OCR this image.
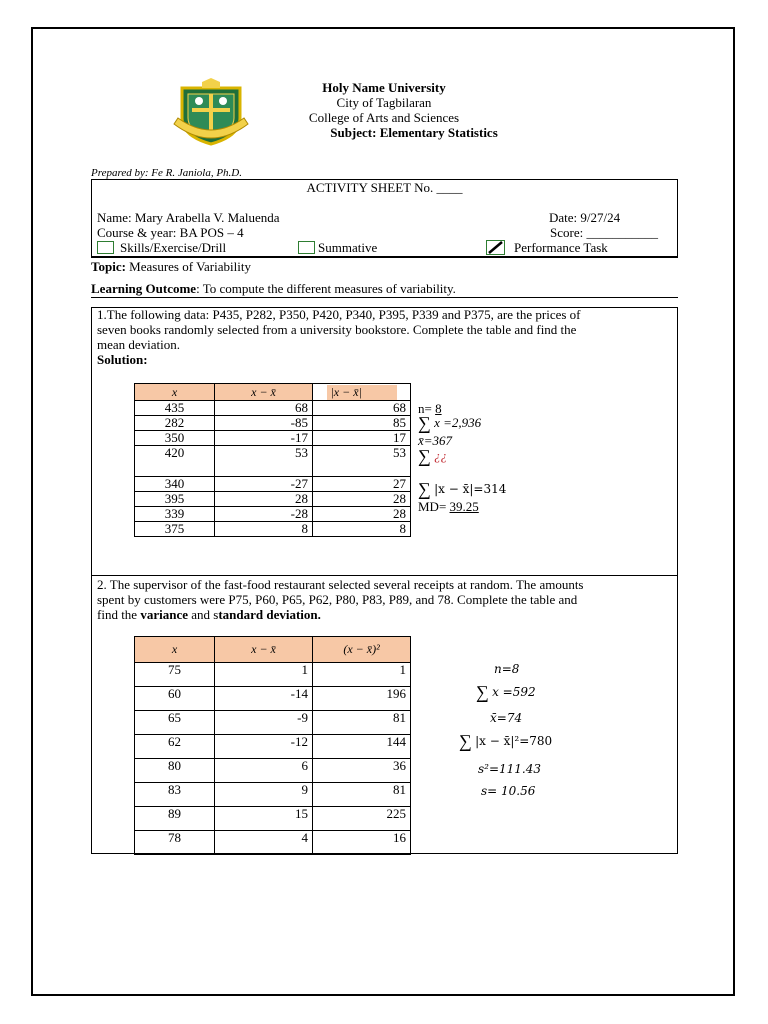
Holy Name University
City of Tagbilaran
College of Arts and Sciences
Subject: Elementary Statistics
Prepared by: Fe R. Janiola, Ph.D.
ACTIVITY SHEET No. ____
Name: Mary Arabella V. Maluenda	Date: 9/27/24
Course & year: BA POS – 4	Score: ___________
Skills/Exercise/Drill	Summative	Performance Task
Topic: Measures of Variability
Learning Outcome: To compute the different measures of variability.
1.The following data: P435, P282, P350, P420, P340, P395, P339 and P375, are the prices of
seven books randomly selected from a university bookstore. Complete the table and find the
mean deviation.
Solution:
x	x − x̄	|x − x̄|
435	68	68
282	-85	85
350	-17	17
420	53	53
340	-27	27
395	28	28
339	-28	28
375	8	8
n= 8
∑ x =2,936
x̄=367
∑ ¿¿
∑ |x − x̄|=314
MD= 39.25
2. The supervisor of the fast-food restaurant selected several receipts at random. The amounts
spent by customers were P75, P60, P65, P62, P80, P83, P89, and 78. Complete the table and
find the variance and standard deviation.
x	x − x̄	(x − x̄)²
75	1	1
60	-14	196
65	-9	81
62	-12	144
80	6	36
83	9	81
89	15	225
78	4	16
n=8
∑ x =592
x̄=74
∑ |x − x̄|²=780
s²=111.43
s= 10.56
